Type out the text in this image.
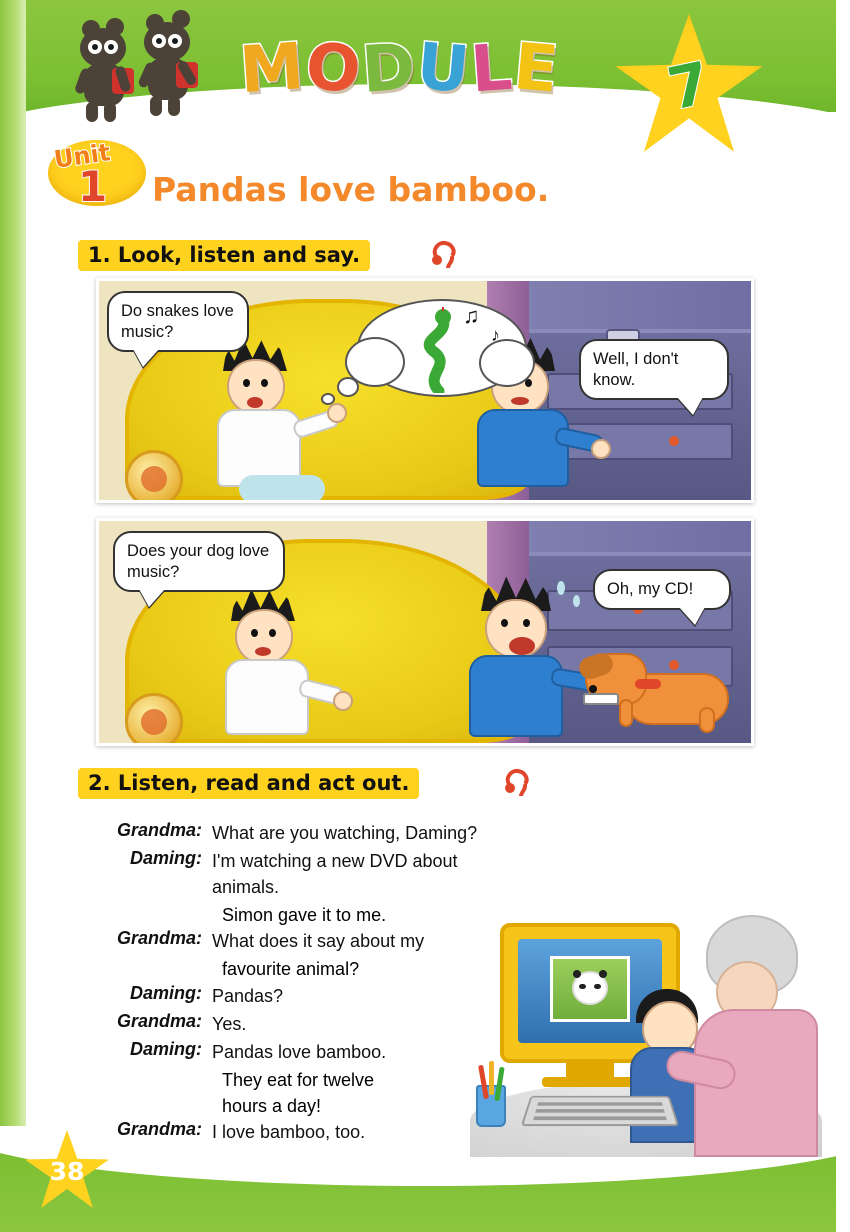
MODULE	7
Unit
1 Pandas love bamboo.
1. Look, listen and say.
♫
♪
Do snakes love music?
Well, I don't know.
Does your dog love music?
Oh, my CD!
2. Listen, read and act out.
Grandma: What are you watching, Daming?
Daming: I'm watching a new DVD about animals.
Simon gave it to me.
Grandma: What does it say about my
favourite animal?
Daming: Pandas?
Grandma: Yes.
Daming: Pandas love bamboo.
They eat for twelve
hours a day!
Grandma: I love bamboo, too.
38
